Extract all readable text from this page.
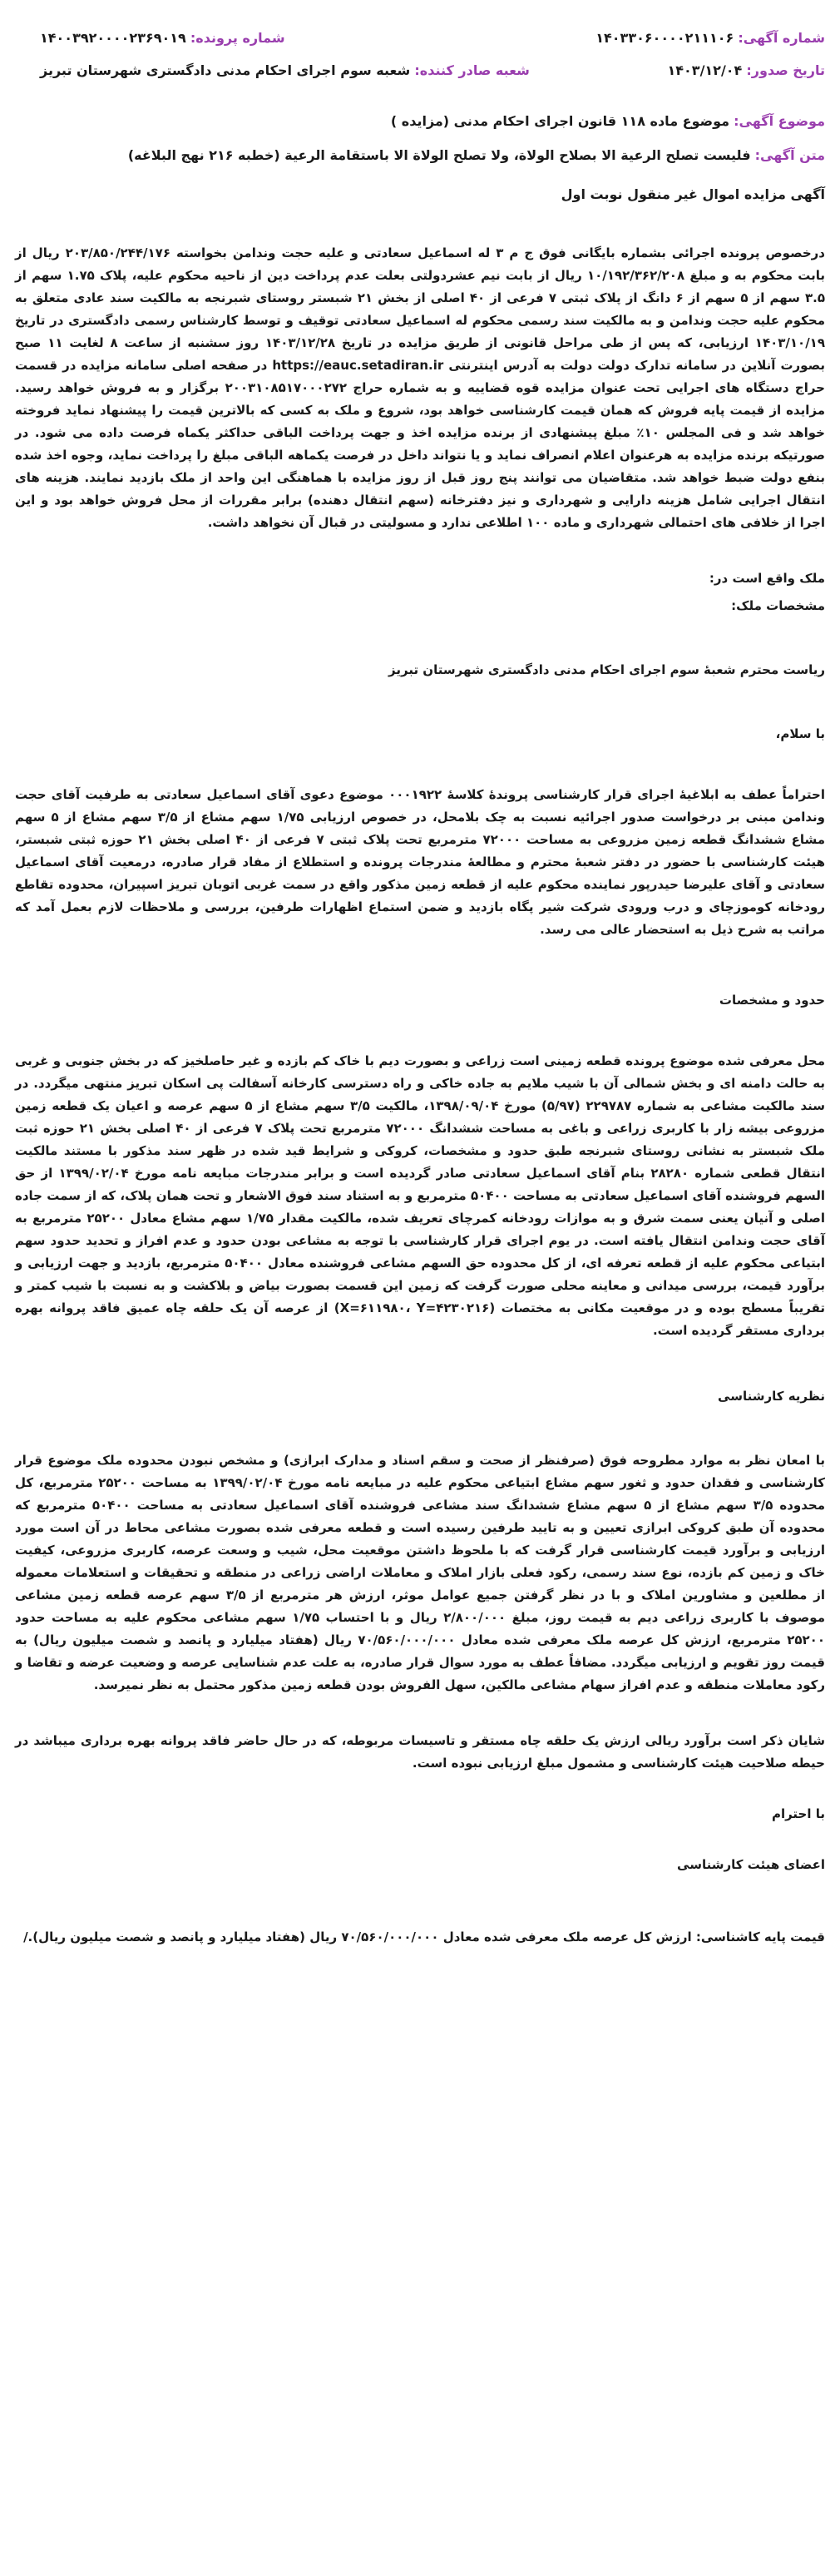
شماره آگهی: ۱۴۰۳۳۰۶۰۰۰۰۲۱۱۱۰۶
شماره پرونده: ۱۴۰۰۳۹۲۰۰۰۰۲۳۶۹۰۱۹
تاریخ صدور: ۱۴۰۳/۱۲/۰۴
شعبه صادر کننده: شعبه سوم اجرای احکام مدنی دادگستری شهرستان تبریز
موضوع آگهی: موضوع ماده ۱۱۸ قانون اجرای احکام مدنی (مزایده )
متن آگهی: فلیست تصلح الرعیة الا بصلاح الولاة، ولا تصلح الولاة الا باستقامة الرعیة (خطبه ۲۱۶ نهج البلاغه)
آگهی مزایده اموال غیر منقول نوبت اول

درخصوص پرونده اجرائی بشماره بایگانی فوق ج م ۳ له اسماعیل سعادتی و علیه حجت وندامن بخواسته ۲۰۳/۸۵۰/۲۴۴/۱۷۶ ریال از بابت محکوم به و مبلغ ۱۰/۱۹۲/۳۶۲/۲۰۸ ریال از بابت نیم عشردولتی بعلت عدم پرداخت دین از ناحیه محکوم علیه، پلاک ۱.۷۵ سهم از ۳.۵ سهم از ۵ سهم از ۶ دانگ از پلاک ثبتی ۷ فرعی از ۴۰ اصلی از بخش ۲۱ شبستر روستای شبرنجه به مالکیت سند عادی متعلق به محکوم علیه حجت وندامن و به مالکیت سند رسمی محکوم له اسماعیل سعادتی توقیف و توسط کارشناس رسمی دادگستری در تاریخ ۱۴۰۳/۱۰/۱۹ ارزیابی، که پس از طی مراحل قانونی از طریق مزایده در تاریخ ۱۴۰۳/۱۲/۲۸ روز سشنبه از ساعت ۸ لغایت ۱۱ صبح بصورت آنلاین در سامانه تدارک دولت دولت به آدرس اینترنتی https://eauc.setadiran.ir در صفحه اصلی سامانه مزایده در قسمت حراج دستگاه های اجرایی تحت عنوان مزایده قوه قضاییه و به شماره حراج ۲۰۰۳۱۰۸۵۱۷۰۰۰۲۷۲ برگزار و به فروش خواهد رسید. مزایده از قیمت پایه فروش که همان قیمت کارشناسی خواهد بود، شروع و ملک به کسی که بالاترین قیمت را پیشنهاد نماید فروخته خواهد شد و فی المجلس ۱۰٪ مبلغ پیشنهادی از برنده مزایده اخذ و جهت پرداخت الباقی حداکثر یکماه فرصت داده می شود. در صورتیکه برنده مزایده به هرعنوان اعلام انصراف نماید و یا نتواند داخل در فرصت یکماهه الباقی مبلغ را پرداخت نماید، وجوه اخذ شده بنفع دولت ضبط خواهد شد. متقاضیان می توانند پنج روز قبل از روز مزایده با هماهنگی این واحد از ملک بازدید نمایند. هزینه های انتقال اجرایی شامل هزینه دارایی و شهرداری و نیز دفترخانه (سهم انتقال دهنده) برابر مقررات از محل فروش خواهد بود و این اجرا از خلافی های احتمالی شهرداری و ماده ۱۰۰ اطلاعی ندارد و مسولیتی در قبال آن نخواهد داشت.

ملک واقع است در:
مشخصات ملک:
ریاست محترم شعبهٔ سوم اجرای احکام مدنی دادگستری شهرستان تبریز
با سلام،

احتراماً عطف به ابلاغیهٔ اجرای قرار کارشناسی پروندهٔ کلاسهٔ ۰۰۰۱۹۲۲ موضوع دعوی آقای اسماعیل سعادتی به طرفیت آقای حجت وندامن مبنی بر درخواست صدور اجرائیه نسبت به چک بلامحل، در خصوص ارزیابی ۱/۷۵ سهم مشاع از ۳/۵ سهم مشاع از ۵ سهم مشاع ششدانگ قطعه زمین مزروعی به مساحت ۷۲۰۰۰ مترمربع تحت پلاک ثبتی ۷ فرعی از ۴۰ اصلی بخش ۲۱ حوزه ثبتی شبستر، هیئت کارشناسی با حضور در دفتر شعبهٔ محترم و مطالعهٔ مندرجات پرونده و استطلاع از مفاد قرار صادره، درمعیت آقای اسماعیل سعادتی و آقای علیرضا حیدرپور نماینده محکوم علیه از قطعه زمین مذکور واقع در سمت غربی اتوبان تبریز اسپیران، محدوده تقاطع رودخانه کوموزچای و درب ورودی شرکت شیر پگاه بازدید و ضمن استماع اظهارات طرفین، بررسی و ملاحظات لازم بعمل آمد که مراتب به شرح ذیل به استحضار عالی می رسد.

حدود و مشخصات

محل معرفی شده موضوع پرونده قطعه زمینی است زراعی و بصورت دیم با خاک کم بازده و غیر حاصلخیز که در بخش جنوبی و غربی به حالت دامنه ای و بخش شمالی آن با شیب ملایم به جاده خاکی و راه دسترسی کارخانه آسفالت پی اسکان تبریز منتهی میگردد. در سند مالکیت مشاعی به شماره ۲۲۹۷۸۷ (۵/۹۷) مورخ ۱۳۹۸/۰۹/۰۴، مالکیت ۳/۵ سهم مشاع از ۵ سهم عرصه و اعیان یک قطعه زمین مزروعی بیشه زار با کاربری زراعی و باغی به مساحت ششدانگ ۷۲۰۰۰ مترمربع تحت پلاک ۷ فرعی از ۴۰ اصلی بخش ۲۱ حوزه ثبت ملک شبستر به نشانی روستای شبرنجه طبق حدود و مشخصات، کروکی و شرایط قید شده در ظهر سند مذکور با مستند مالکیت انتقال قطعی شماره ۲۸۲۸۰ بنام آقای اسماعیل سعادتی صادر گردیده است و برابر مندرجات مبایعه نامه مورخ ۱۳۹۹/۰۲/۰۴ از حق السهم فروشنده آقای اسماعیل سعادتی به مساحت ۵۰۴۰۰ مترمربع و به استناد سند فوق الاشعار و تحت همان پلاک، که از سمت جاده اصلی و آنیان یعنی سمت شرق و به موازات رودخانه کمرچای تعریف شده، مالکیت مقدار ۱/۷۵ سهم مشاع معادل ۲۵۲۰۰ مترمربع به آقای حجت وندامن انتقال یافته است. در یوم اجرای قرار کارشناسی با توجه به مشاعی بودن حدود و عدم افراز و تحدید حدود سهم ابتیاعی محکوم علیه از قطعه تعرفه ای، از کل محدوده حق السهم مشاعی فروشنده معادل ۵۰۴۰۰ مترمربع، بازدید و جهت ارزیابی و برآورد قیمت، بررسی میدانی و معاینه محلی صورت گرفت که زمین این قسمت بصورت بیاض و بلاکشت و به نسبت با شیب کمتر و تقریباً مسطح بوده و در موقعیت مکانی به مختصات (X=۶۱۱۹۸۰، Y=۴۲۳۰۲۱۶) از عرصه آن یک حلقه چاه عمیق فاقد پروانه بهره برداری مستقر گردیده است.

نظریه کارشناسی

با امعان نظر به موارد مطروحه فوق (صرفنظر از صحت و سقم اسناد و مدارک ابرازی) و مشخص نبودن محدوده ملک موضوع قرار کارشناسی و فقدان حدود و ثغور سهم مشاع ابتیاعی محکوم علیه در مبایعه نامه مورخ ۱۳۹۹/۰۲/۰۴ به مساحت ۲۵۲۰۰ مترمربع، کل محدوده ۳/۵ سهم مشاع از ۵ سهم مشاع ششدانگ سند مشاعی فروشنده آقای اسماعیل سعادتی به مساحت ۵۰۴۰۰ مترمربع که محدوده آن طبق کروکی ابرازی تعیین و به تایید طرفین رسیده است و قطعه معرفی شده بصورت مشاعی محاط در آن است مورد ارزیابی و برآورد قیمت کارشناسی قرار گرفت که با ملحوظ داشتن موقعیت محل، شیب و وسعت عرصه، کاربری مزروعی، کیفیت خاک و زمین کم بازده، نوع سند رسمی، رکود فعلی بازار املاک و معاملات اراضی زراعی در منطقه و تحقیقات و استعلامات معموله از مطلعین و مشاورین املاک و با در نظر گرفتن جمیع عوامل موثر، ارزش هر مترمربع از ۳/۵ سهم عرصه قطعه زمین مشاعی موصوف با کاربری زراعی دیم به قیمت روز، مبلغ ۲/۸۰۰/۰۰۰ ریال و با احتساب ۱/۷۵ سهم مشاعی محکوم علیه به مساحت حدود ۲۵۲۰۰ مترمربع، ارزش کل عرصه ملک معرفی شده معادل ۷۰/۵۶۰/۰۰۰/۰۰۰ ریال (هفتاد میلیارد و پانصد و شصت میلیون ریال) به قیمت روز تقویم و ارزیابی میگردد. مضافاً عطف به مورد سوال قرار صادره، به علت عدم شناسایی عرصه و وضعیت عرضه و تقاضا و رکود معاملات منطقه و عدم افراز سهام مشاعی مالکین، سهل الفروش بودن قطعه زمین مذکور محتمل به نظر نمیرسد.

شایان ذکر است برآورد ریالی ارزش یک حلقه چاه مستقر و تاسیسات مربوطه، که در حال حاضر فاقد پروانه بهره برداری میباشد در حیطه صلاحیت هیئت کارشناسی و مشمول مبلغ ارزیابی نبوده است.

با احترام
اعضای هیئت کارشناسی

قیمت پایه کاشناسی: ارزش کل عرصه ملک معرفی شده معادل ۷۰/۵۶۰/۰۰۰/۰۰۰ ریال (هفتاد میلیارد و پانصد و شصت میلیون ریال)./
